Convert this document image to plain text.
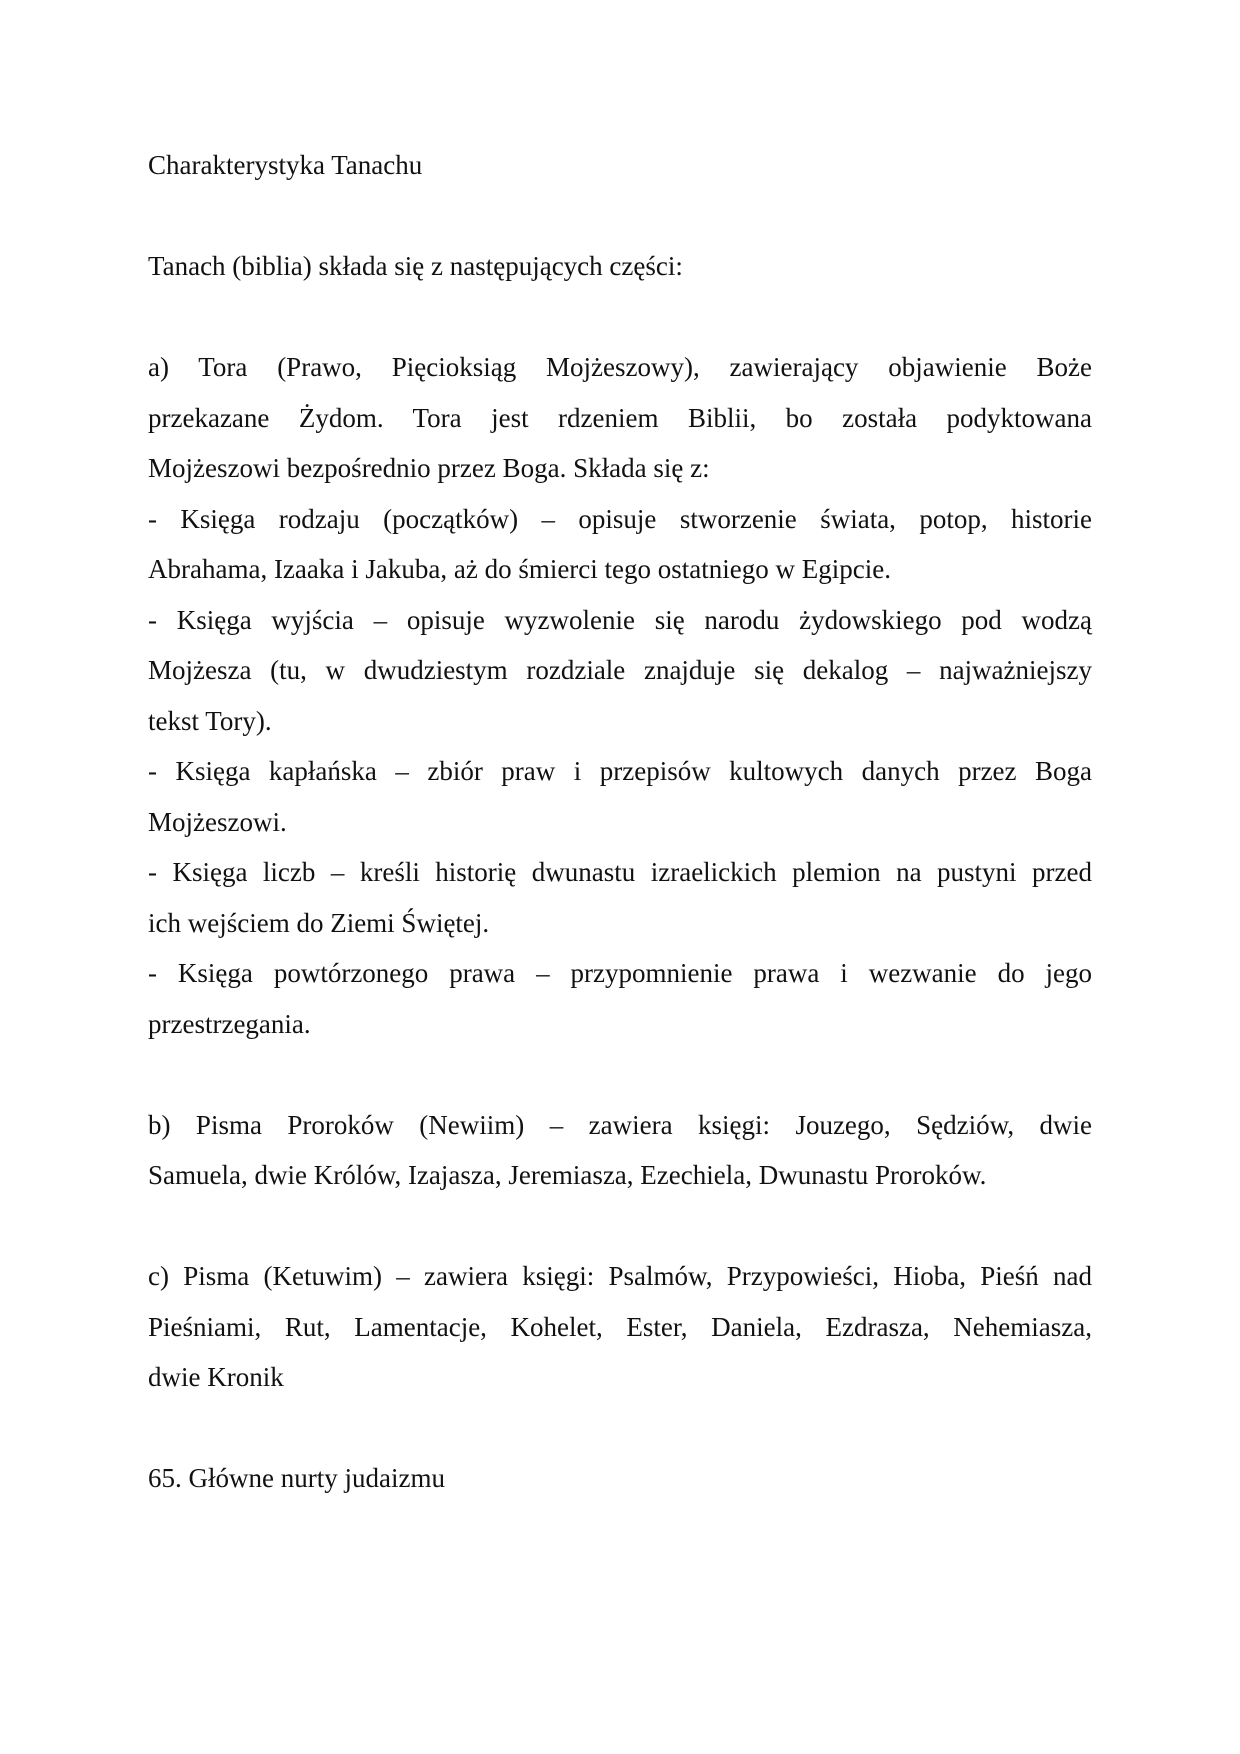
Charakterystyka Tanachu
Tanach (biblia) składa się z następujących części:
a) Tora (Prawo, Pięcioksiąg Mojżeszowy), zawierający objawienie Boże
przekazane Żydom. Tora jest rdzeniem Biblii, bo została podyktowana
Mojżeszowi bezpośrednio przez Boga. Składa się z:
- Księga rodzaju (początków) – opisuje stworzenie świata, potop, historie
Abrahama, Izaaka i Jakuba, aż do śmierci tego ostatniego w Egipcie.
- Księga wyjścia – opisuje wyzwolenie się narodu żydowskiego pod wodzą
Mojżesza (tu, w dwudziestym rozdziale znajduje się dekalog – najważniejszy
tekst Tory).
- Księga kapłańska – zbiór praw i przepisów kultowych danych przez Boga
Mojżeszowi.
- Księga liczb – kreśli historię dwunastu izraelickich plemion na pustyni przed
ich wejściem do Ziemi Świętej.
- Księga powtórzonego prawa – przypomnienie prawa i wezwanie do jego
przestrzegania.
b) Pisma Proroków (Newiim) – zawiera księgi: Jouzego, Sędziów, dwie
Samuela, dwie Królów, Izajasza, Jeremiasza, Ezechiela, Dwunastu Proroków.
c) Pisma (Ketuwim) – zawiera księgi: Psalmów, Przypowieści, Hioba, Pieśń nad
Pieśniami, Rut, Lamentacje, Kohelet, Ester, Daniela, Ezdrasza, Nehemiasza,
dwie Kronik
65. Główne nurty judaizmu
